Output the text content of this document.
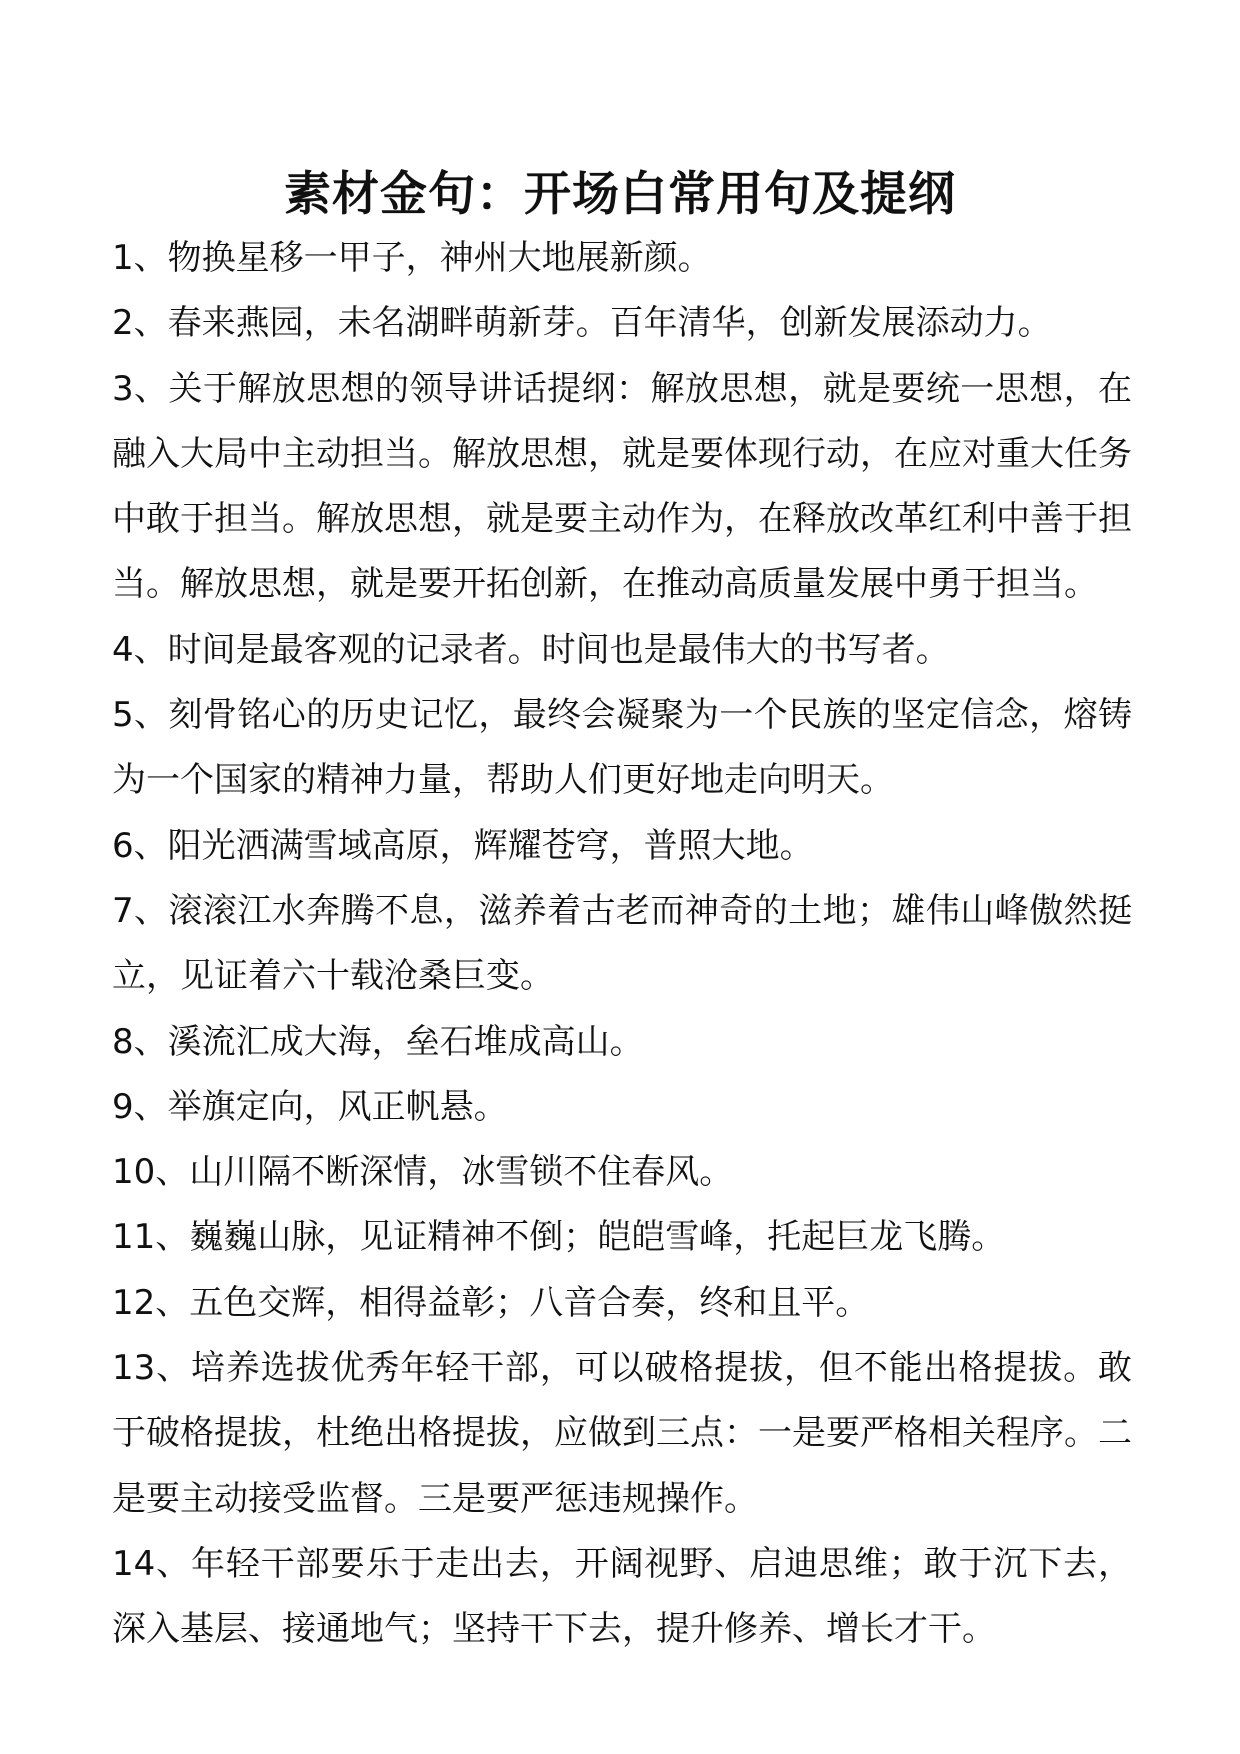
素材金句：开场白常用句及提纲
1、物换星移一甲子，神州大地展新颜。
2、春来燕园，未名湖畔萌新芽。百年清华，创新发展添动力。
3、关于解放思想的领导讲话提纲：解放思想，就是要统一思想，在融入大局中主动担当。解放思想，就是要体现行动，在应对重大任务中敢于担当。解放思想，就是要主动作为，在释放改革红利中善于担当。解放思想，就是要开拓创新，在推动高质量发展中勇于担当。
4、时间是最客观的记录者。时间也是最伟大的书写者。
5、刻骨铭心的历史记忆，最终会凝聚为一个民族的坚定信念，熔铸为一个国家的精神力量，帮助人们更好地走向明天。
6、阳光洒满雪域高原，辉耀苍穹，普照大地。
7、滚滚江水奔腾不息，滋养着古老而神奇的土地；雄伟山峰傲然挺立，见证着六十载沧桑巨变。
8、溪流汇成大海，垒石堆成高山。
9、举旗定向，风正帆悬。
10、山川隔不断深情，冰雪锁不住春风。
11、巍巍山脉，见证精神不倒；皑皑雪峰，托起巨龙飞腾。
12、五色交辉，相得益彰；八音合奏，终和且平。
13、培养选拔优秀年轻干部，可以破格提拔，但不能出格提拔。敢于破格提拔，杜绝出格提拔，应做到三点：一是要严格相关程序。二是要主动接受监督。三是要严惩违规操作。
14、年轻干部要乐于走出去，开阔视野、启迪思维；敢于沉下去，深入基层、接通地气；坚持干下去，提升修养、增长才干。
